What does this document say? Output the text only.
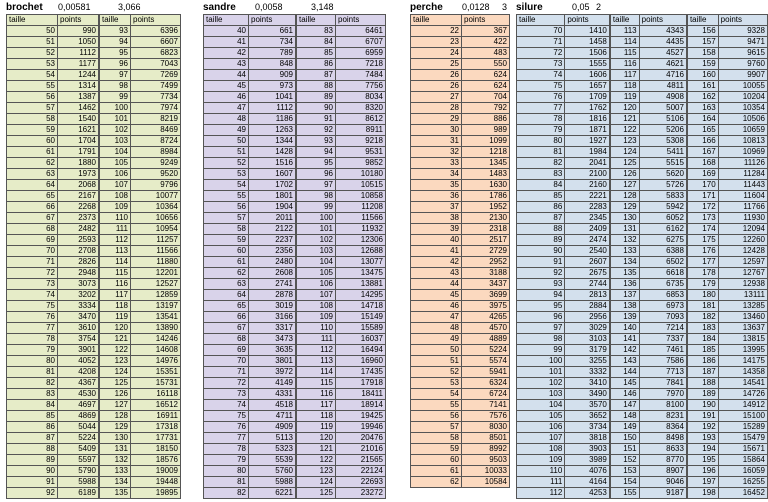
brochet 0,00581	3,066
taille	points
50	990
51	1050
52	1112
53	1177
54	1244
55	1314
56	1387
57	1462
58	1540
59	1621
60	1704
61	1791
62	1880
63	1973
64	2068
65	2167
66	2268
67	2373
68	2482
69	2593
70	2708
71	2826
72	2948
73	3073
74	3202
75	3334
76	3470
77	3610
78	3754
79	3901
80	4052
81	4208
82	4367
83	4530
84	4697
85	4869
86	5044
87	5224
88	5409
89	5597
90	5790
91	5988
92	6189
taille	points
93	6396
94	6607
95	6823
96	7043
97	7269
98	7499
99	7734
100	7974
101	8219
102	8469
103	8724
104	8984
105	9249
106	9520
107	9796
108	10077
109	10364
110	10656
111	10954
112	11257
113	11566
114	11880
115	12201
116	12527
117	12859
118	13197
119	13541
120	13890
121	14246
122	14608
123	14976
124	15351
125	15731
126	16118
127	16512
128	16911
129	17318
130	17731
131	18150
132	18576
133	19009
134	19448
135	19895
sandre 0,0058	3,148
taille	points
40	661
41	734
42	789
43	848
44	909
45	973
46	1041
47	1112
48	1186
49	1263
50	1344
51	1428
52	1516
53	1607
54	1702
55	1801
56	1904
57	2011
58	2122
59	2237
60	2356
61	2480
62	2608
63	2741
64	2878
65	3019
66	3166
67	3317
68	3473
69	3635
70	3801
71	3972
72	4149
73	4331
74	4518
75	4711
76	4909
77	5113
78	5323
79	5539
80	5760
81	5988
82	6221
taille	points
83	6461
84	6707
85	6959
86	7218
87	7484
88	7756
89	8034
90	8320
91	8612
92	8911
93	9218
94	9531
95	9852
96	10180
97	10515
98	10858
99	11208
100	11566
101	11932
102	12306
103	12688
104	13077
105	13475
106	13881
107	14295
108	14718
109	15149
110	15589
111	16037
112	16494
113	16960
114	17435
115	17918
116	18411
117	18914
118	19425
119	19946
120	20476
121	21016
122	21565
123	22124
124	22693
125	23272
perche 0,0128 3
taille	points
22	367
23	422
24	483
25	550
26	624
26	624
27	704
28	792
29	886
30	989
31	1099
32	1218
33	1345
34	1483
35	1630
36	1786
37	1952
38	2130
39	2318
40	2517
41	2729
42	2952
43	3188
44	3437
45	3699
46	3975
47	4265
48	4570
49	4889
50	5224
51	5574
52	5941
53	6324
54	6724
55	7141
56	7576
57	8030
58	8501
59	8992
60	9503
61	10033
62	10584
silure	0,05 2
taille	points
70	1410
71	1458
72	1506
73	1555
74	1606
75	1657
76	1709
77	1762
78	1816
79	1871
80	1927
81	1984
82	2041
83	2100
84	2160
85	2221
86	2283
87	2345
88	2409
89	2474
90	2540
91	2607
92	2675
93	2744
94	2813
95	2884
96	2956
97	3029
98	3103
99	3179
100	3255
101	3332
102	3410
103	3490
104	3570
105	3652
106	3734
107	3818
108	3903
109	3989
110	4076
111	4164
112	4253
taille	points
113	4343
114	4435
115	4527
116	4621
117	4716
118	4811
119	4908
120	5007
121	5106
122	5206
123	5308
124	5411
125	5515
126	5620
127	5726
128	5833
129	5942
130	6052
131	6162
132	6275
133	6388
134	6502
135	6618
136	6735
137	6853
138	6973
139	7093
140	7214
141	7337
142	7461
143	7586
144	7713
145	7841
146	7970
147	8100
148	8231
149	8364
150	8498
151	8633
152	8770
153	8907
154	9046
155	9187
taille	points
156	9328
157	9471
158	9615
159	9760
160	9907
161	10055
162	10204
163	10354
164	10506
165	10659
166	10813
167	10969
168	11126
169	11284
170	11443
171	11604
172	11766
173	11930
174	12094
175	12260
176	12428
177	12597
178	12767
179	12938
180	13111
181	13285
182	13460
183	13637
184	13815
185	13995
186	14175
187	14358
188	14541
189	14726
190	14912
191	15100
192	15289
193	15479
194	15671
195	15864
196	16059
197	16255
198	16452
